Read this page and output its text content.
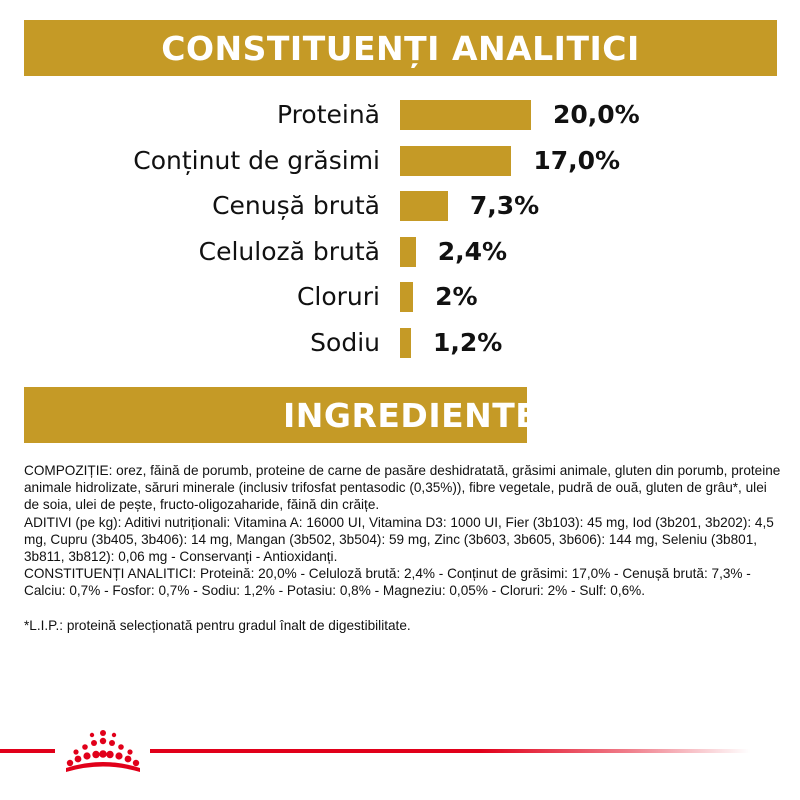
CONSTITUENȚI ANALITICI
Proteină	20,0%
Conținut de grăsimi	17,0%
Cenușă brută	7,3%
Celuloză brută 2,4%
Cloruri 2%
Sodiu 1,2%
INGREDIENTE

COMPOZIȚIE: orez, făină de porumb, proteine de carne de pasăre deshidratată, grăsimi animale, gluten din porumb, proteine animale hidrolizate, săruri minerale (inclusiv trifosfat pentasodic (0,35%)), fibre vegetale, pudră de ouă, gluten de grâu*, ulei de soia, ulei de pește, fructo-oligozaharide, făină din crăițe.

ADITIVI (pe kg): Aditivi nutriționali: Vitamina A: 16000 UI, Vitamina D3: 1000 UI, Fier (3b103): 45 mg, Iod (3b201, 3b202): 4,5 mg, Cupru (3b405, 3b406): 14 mg, Mangan (3b502, 3b504): 59 mg, Zinc (3b603, 3b605, 3b606): 144 mg, Seleniu (3b801, 3b811, 3b812): 0,06 mg - Conservanți - Antioxidanți.

CONSTITUENȚI ANALITICI: Proteină: 20,0% - Celuloză brută: 2,4% - Conținut de grăsimi: 17,0% - Cenușă brută: 7,3% - Calciu: 0,7% - Fosfor: 0,7% - Sodiu: 1,2% - Potasiu: 0,8% - Magneziu: 0,05% - Cloruri: 2% - Sulf: 0,6%.

*L.I.P.: proteină selecționată pentru gradul înalt de digestibilitate.
